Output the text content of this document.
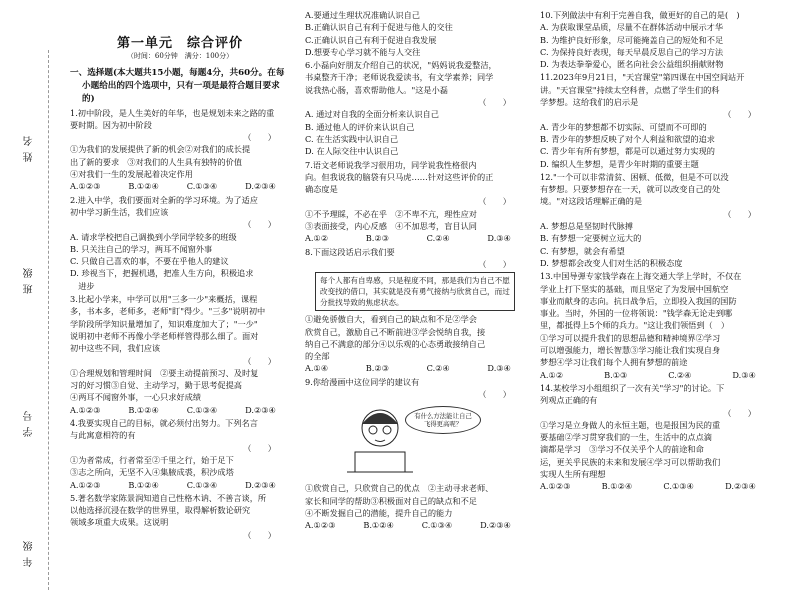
姓名
班级
学号
年级
第一单元　综合评价
（时间：60分钟　满分：100分）
一、选择题(本大题共15小题，每题4分，共60分。在每小题给出的四个选项中，只有一项是最符合题目要求的)
1.初中阶段，是人生美好的年华，也是规划未来之路的重
要时期。因为初中阶段
（　　）
①为我们的发展提供了新的机会②对我们的成长提
出了新的要求　③对我们的人生具有独特的价值
④对我们一生的发展起着决定作用
A.①②③	B.①②④	C.①③④	D.②③④
2.进入中学，我们要面对全新的学习环境。为了适应
初中学习新生活，我们应该
（　　）
A. 请求学校把自己调换到小学同学较多的班级
B. 只关注自己的学习，两耳不闻窗外事
C. 只做自己喜欢的事，不要在乎他人的建议
D. 珍视当下，把握机遇，把准人生方向，积极追求
　进步
3.比起小学来，中学可以用"三多一少"来概括，课程
多，书本多，老师多，老师"盯"得少。"三多"说明初中
学阶段所学知识量增加了，知识难度加大了；"一少"
说明初中老师不再像小学老师样管得那么细了。面对
初中这些不同，我们应该
（　　）
①合理规划和管理时间　②要主动提前预习、及时复
习的好习惯③自觉、主动学习，勤于思考促提高
④两耳不闻窗外事，一心只求好成绩
A.①②③	B.①②④	C.①③④	D.②③④
4.我要实现自己的目标，就必须付出努力。下列名言
与此寓意相符的有
（　　）
①为者常成，行者常至②千里之行，始于足下
③志之所向，无坚不入④集腋成裘，积沙成塔
A.①②③	B.①②④	C.①③④	D.②③④
5.著名数学家陈景润知道自己性格木讷、不善言谈，所
以他选择沉浸在数学的世界里，取得解析数论研究
领域多项重大成果。这说明
（　　）
A.要通过生理状况准确认识自己
B.正确认识自己有利于促进与他人的交往
C.正确认识自己有利于促进自我发展
D.想要专心学习就不能与人交往
6.小磊向好朋友介绍自己的状况，"妈妈说我爱整洁，
书桌整齐干净；老师说我爱读书，有文学素养；同学
说我热心肠，喜欢帮助他人。"这是小磊
（　　）
A. 通过对自我的全面分析来认识自己
B. 通过他人的评价来认识自己
C. 在生活实践中认识自己
D. 在人际交往中认识自己
7.语文老师说我学习很用功，同学说我性格很内
向。但我说我的脑袋有只马虎……针对这些评价的正
确态度是
（　　）
①不予理睬，不必在乎　②不卑不亢，理性应对
③表面接受，内心反感　④不加思考，盲目认同
A.①②	B.②③	C.②④	D.③④
8.下面这段话启示我们要
（　　）
每个人都有自卑感，只是程度不同，那是我们为自己不愿改变找的借口，其实就是没有勇气接纳与欣赏自己，而过分批找导致的焦虑状态。
①避免骄傲自大，看到自己的缺点和不足②学会
欣赏自己，激励自己不断前进③学会悦纳自我，接
纳自己不满意的部分④以乐观的心态勇敢接纳自己
的全部
A.①④	B.②③	C.②④	D.③④
9.你给漫画中这位同学的建议有
（　　）
有什么方法能让自己飞得更高呢？
①欣赏自己，只欣赏自己的优点　②主动寻求老师、
家长和同学的帮助③积极面对自己的缺点和不足
④不断发掘自己的潜能，提升自己的能力
A.①②③	B.①②④	C.①③④	D.②③④
10.下列做法中有利于完善自我，做更好的自己的是(　)
A. 为获取课堂品质，尽量不在群体活动中展示才华
B. 为维护良好形象，尽可能掩盖自己的短处和不足
C. 为保持良好表现，每天早晨反思自己的学习方法
D. 为表达拳拳爱心，匿名向社会公益组织捐献财物
11.2023年9月21日，"天宫课堂"第四课在中国空间站开
讲。"天宫课堂"持续太空科普，点燃了学生们的科
学梦想。这给我们的启示是
（　　）
A. 青少年的梦想都不切实际、可望而不可即的
B. 青少年的梦想反映了对个人利益和欲望的追求
C. 青少年有所有梦想，都是可以通过努力实现的
D. 编织人生梦想，是青少年时期的重要主题
12."一个可以非常清贫、困顿、低微，但是不可以没
有梦想。只要梦想存在一天，就可以改变自己的处
境。"对这段话理解正确的是
（　　）
A. 梦想总是坚韧时代脉搏
B. 有梦想一定要树立远大的
C. 有梦想，就会有希望
D. 梦想都会改变人们对生活的积极态度
13.中国导弹专家钱学森在上海交通大学上学时，不仅在
学业上打下坚实的基础，而且坚定了为发展中国航空
事业而献身的志向。抗日战争后，立即投入我国的国防
事业。当时，外国的一位将领说："钱学森无论走到哪
里，都抵得上5个师的兵力。"这让我们领悟到（　）
①学习可以提升我们的思想品德和精神境界②学习
可以增强能力，增长智慧③学习能让我们实现自身
梦想④学习让我们每个人拥有梦想的前途
A.①②	B.①③	C.②④	D.③④
14.某校学习小组组织了一次有关"学习"的讨论。下
列观点正确的有
（　　）
①学习是立身做人的永恒主题，也是报国为民的重
要基础②学习贯穿我们的一生，生活中的点点滴
滴都是学习　③学习不仅关乎个人的前途和命
运，更关乎民族的未来和发展④学习可以帮助我们
实现人生所有理想
A.①②③	B.①②④	C.①③④	D.②③④
